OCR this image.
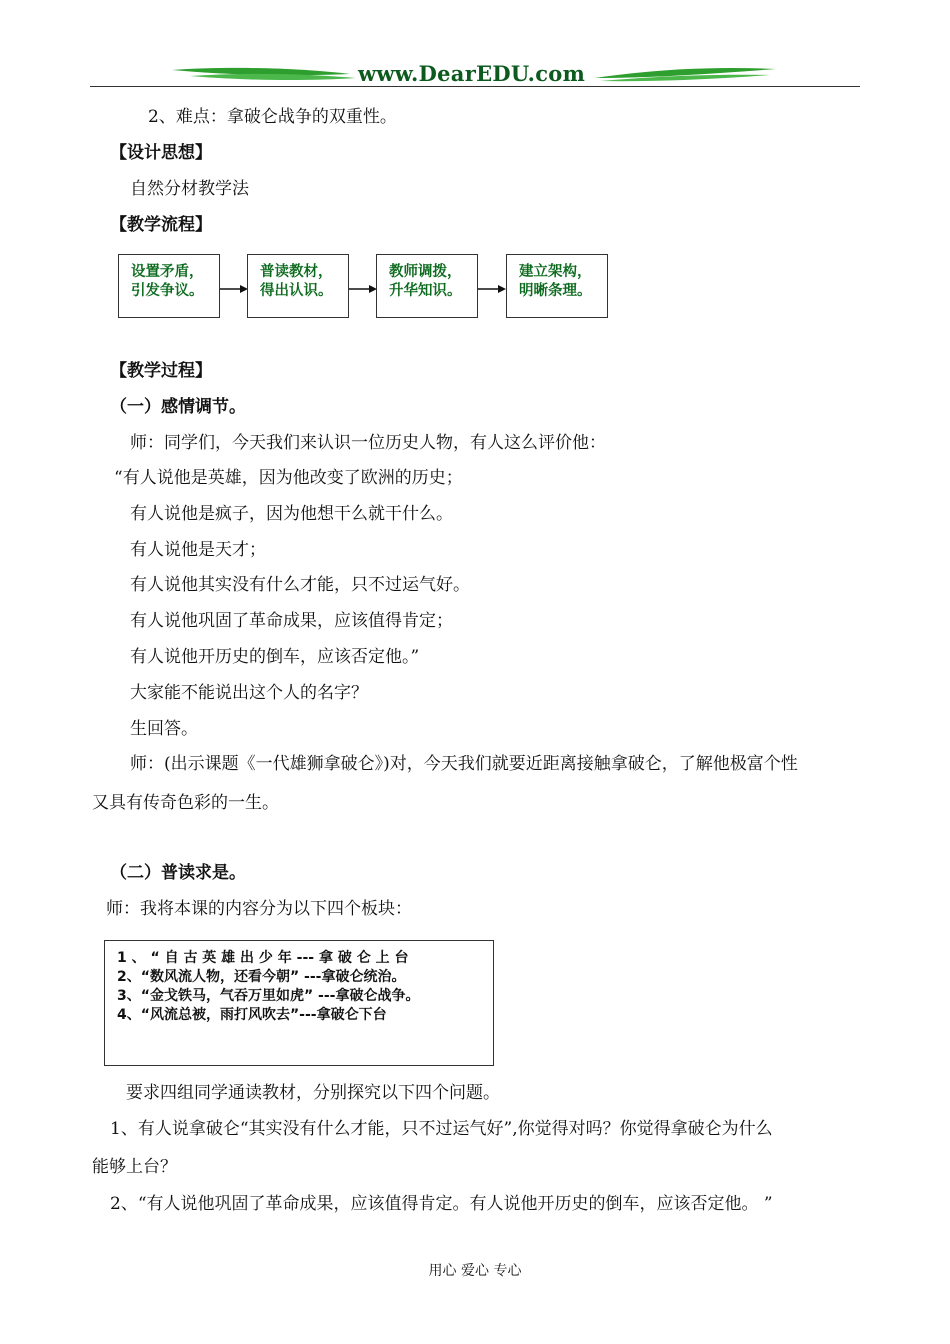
www.DearEDU.com
2、难点：拿破仑战争的双重性。
【设计思想】
自然分材教学法
【教学流程】
设置矛盾，
引发争议。
普读教材，
得出认识。
教师调拨，
升华知识。
建立架构，
明晰条理。
【教学过程】
（一）感情调节。
师：同学们，今天我们来认识一位历史人物，有人这么评价他：
“有人说他是英雄，因为他改变了欧洲的历史；
有人说他是疯子，因为他想干么就干什么。
有人说他是天才；
有人说他其实没有什么才能，只不过运气好。
有人说他巩固了革命成果，应该值得肯定；
有人说他开历史的倒车，应该否定他。”
大家能不能说出这个人的名字？
生回答。
师：(出示课题《一代雄狮拿破仑》)对，今天我们就要近距离接触拿破仑，了解他极富个性
又具有传奇色彩的一生。
（二）普读求是。
师：我将本课的内容分为以下四个板块：
1 、 “ 自 古 英 雄 出 少 年 --- 拿 破 仑 上 台
2、“数风流人物，还看今朝” ---拿破仑统治。
3、“金戈铁马，气吞万里如虎” ---拿破仑战争。
4、“风流总被，雨打风吹去”---拿破仑下台
要求四组同学通读教材，分别探究以下四个问题。
1、有人说拿破仑“其实没有什么才能，只不过运气好”,你觉得对吗？你觉得拿破仑为什么
能够上台？
2、“有人说他巩固了革命成果，应该值得肯定。有人说他开历史的倒车，应该否定他。 ”
用心 爱心 专心
